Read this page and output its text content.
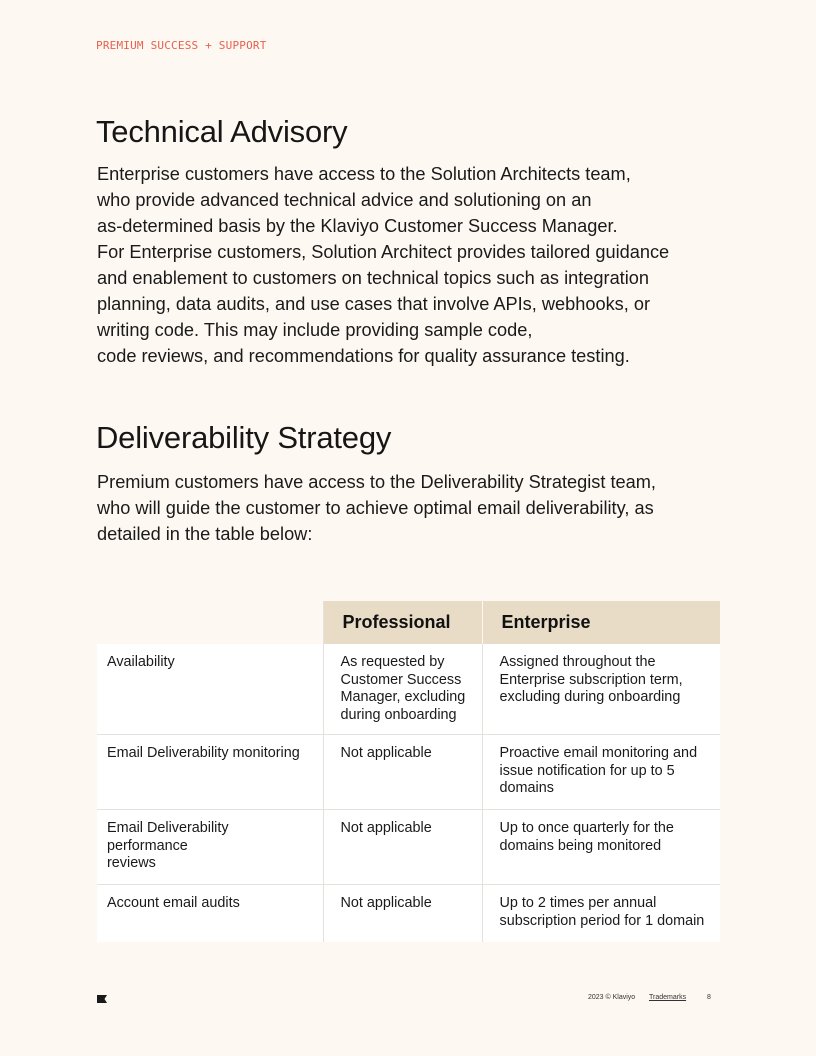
PREMIUM SUCCESS + SUPPORT
Technical Advisory

Enterprise customers have access to the Solution Architects team,
who provide advanced technical advice and solutioning on an
as-determined basis by the Klaviyo Customer Success Manager.
For Enterprise customers, Solution Architect provides tailored guidance
and enablement to customers on technical topics such as integration
planning, data audits, and use cases that involve APIs, webhooks, or
writing code. This may include providing sample code,
code reviews, and recommendations for quality assurance testing.

Deliverability Strategy

Premium customers have access to the Deliverability Strategist team,
who will guide the customer to achieve optimal email deliverability, as
detailed in the table below:

	Professional	Enterprise

Availability	As requested by
Customer Success
Manager, excluding
during onboarding	Assigned throughout the
Enterprise subscription term,
excluding during onboarding

Email Deliverability monitoring	Not applicable	Proactive email monitoring and
issue notification for up to 5
domains

Email Deliverability
performance
reviews	Not applicable	Up to once quarterly for the
domains being monitored

Account email audits	Not applicable	Up to 2 times per annual
subscription period for 1 domain
2023 © Klaviyo Trademarks	8
